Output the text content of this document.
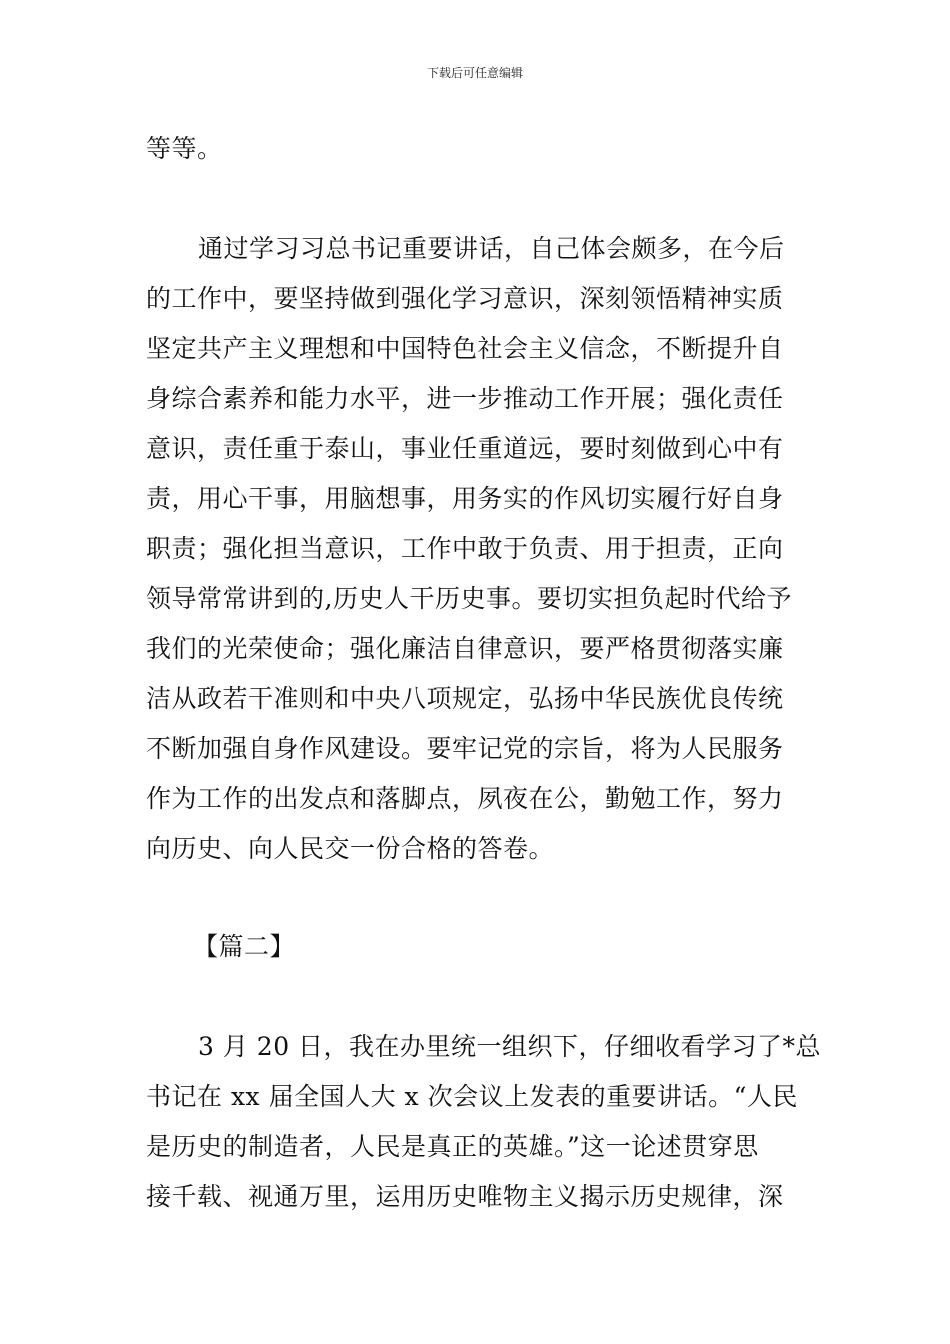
下载后可任意编辑
等等。
通过学习习总书记重要讲话，自己体会颇多，在今后
的工作中，要坚持做到强化学习意识，深刻领悟精神实质
坚定共产主义理想和中国特色社会主义信念，不断提升自
身综合素养和能力水平，进一步推动工作开展；强化责任
意识，责任重于泰山，事业任重道远，要时刻做到心中有
责，用心干事，用脑想事，用务实的作风切实履行好自身
职责；强化担当意识，工作中敢于负责、用于担责，正向
领导常常讲到的,历史人干历史事。要切实担负起时代给予
我们的光荣使命；强化廉洁自律意识，要严格贯彻落实廉
洁从政若干准则和中央八项规定，弘扬中华民族优良传统
不断加强自身作风建设。要牢记党的宗旨，将为人民服务
作为工作的出发点和落脚点，夙夜在公，勤勉工作，努力
向历史、向人民交一份合格的答卷。
【篇二】
3 月 20 日，我在办里统一组织下，仔细收看学习了*总
书记在 xx 届全国人大 x 次会议上发表的重要讲话。“人民
是历史的制造者，人民是真正的英雄。”这一论述贯穿思
接千载、视通万里，运用历史唯物主义揭示历史规律，深
